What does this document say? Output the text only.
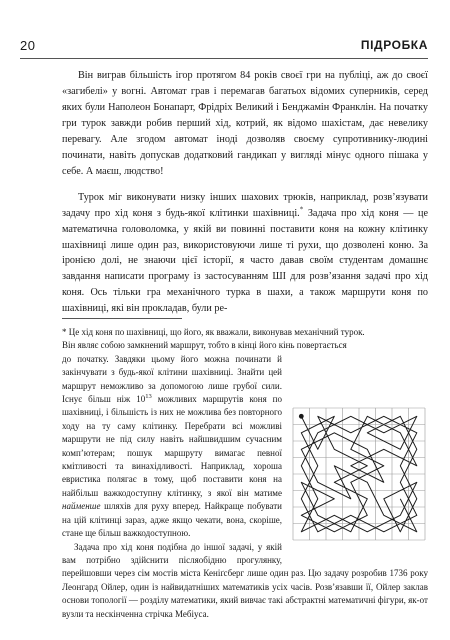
20	ПІДРОБКА

Він виграв більшість ігор протягом 84 років своєї гри на публіці, аж до своєї «загибелі» у вогні. Автомат грав і перемагав багатьох відомих суперників, серед яких були Наполеон Бонапарт, Фрідріх Великий і Бенджамін Франклін. На початку гри турок завжди робив перший хід, котрий, як відомо шахістам, дає невелику перевагу. Але згодом автомат іноді дозволяв своєму супротивнику-людині починати, навіть допускав додатковий гандикап у вигляді мінус одного пішака у себе. А маєш, людство!

Турок міг виконувати низку інших шахових трюків, наприклад, розв’язувати задачу про хід коня з будь-якої клітинки шахівниці.* Задача про хід коня — це математична головоломка, у якій ви повинні поставити коня на кожну клітинку шахівниці лише один раз, використовуючи лише ті рухи, що дозволені коню. За іронією долі, не знаючи цієї історії, я часто давав своїм студентам домашнє завдання написати програму із застосуванням ШІ для розв’язання задачі про хід коня. Ось тільки гра механічного турка в шахи, а також маршрути коня по шахівниці, які він прокладав, були ре-

* Це хід коня по шахівниці, що його, як вважали, виконував механічний турок.

Він являє собою замкнений маршрут, тобто в кінці його кінь повертається

до початку. Завдяки цьому його можна починати й закінчувати з будь-якої клітини шахівниці. Знайти цей маршрут неможливо за допомогою лише грубої сили. Існує більш ніж $10^{13}$ можливих маршрутів коня по шахівниці, і більшість із них не можлива без повторного ходу на ту саму клітинку. Перебрати всі можливі маршрути не під силу навіть найшвидшим сучасним комп’ютерам; пошук маршруту вимагає певної кмітливості та винахідливості. Наприклад, хороша евристика полягає в тому, щоб поставити коня на найбільш важкодоступну клітинку, з якої він матиме найменше шляхів для руху вперед. Найкраще побувати на цій клітинці зараз, адже якщо чекати, вона, скоріше, стане ще більш важкодоступною.

Задача про хід коня подібна до іншої задачі, у якій вам потрібно здійснити післяобідню прогулянку, перейшовши через сім мостів міста Кеніґсберг лише один раз. Цю задачу розробив 1736 року Леонгард Ойлер, один із найвидатніших математиків усіх часів. Розв’язавши її, Ойлер заклав основи топології — розділу математики, який вивчає такі абстрактні математичні фігури, як-от вузли та нескінченна стрічка Мебіуса.
